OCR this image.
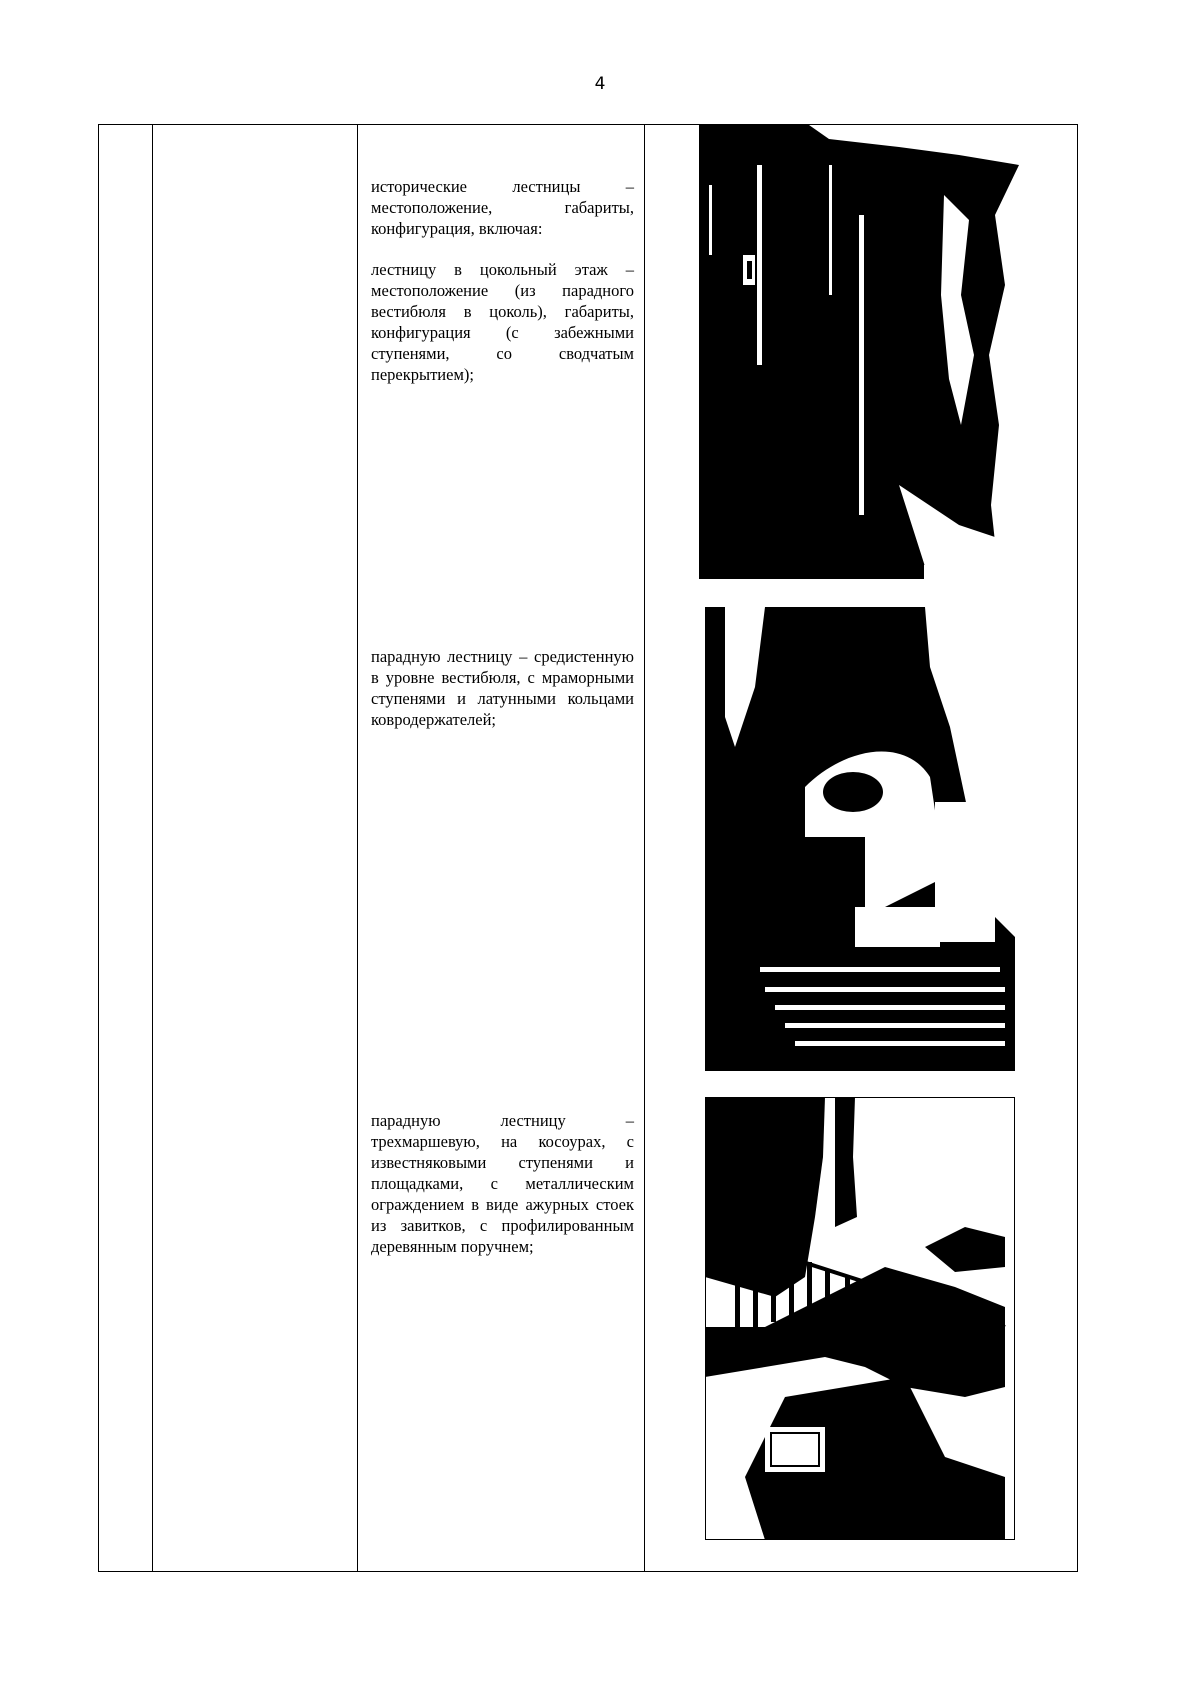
4

исторические лестницы – местоположение, габариты, конфигурация, включая:

лестницу в цокольный этаж – местоположение (из парадного вестибюля в цоколь), габариты, конфигурация (с забежными ступенями, со сводчатым перекрытием);

парадную лестницу – средистенную в уровне вестибюля, с мраморными ступенями и латунными кольцами ковродержателей;

парадную лестницу – трехмаршевую, на косоурах, с известняковыми ступенями и площадками, с металлическим ограждением в виде ажурных стоек из завитков, с профилированным деревянным поручнем;
